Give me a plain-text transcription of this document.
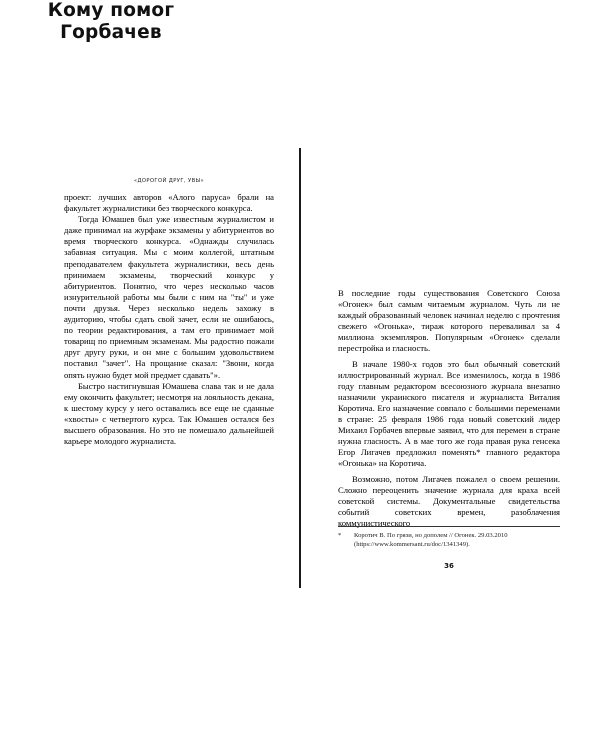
«ДОРОГОЙ ДРУГ, УВЫ»

проект: лучших авторов «Алого паруса» брали на факультет журналистики без творческого конкурса.

Тогда Юмашев был уже известным журналистом и даже принимал на журфаке экзамены у абитуриентов во время творческого конкурса. «Однажды случилась забавная ситуация. Мы с моим коллегой, штатным преподавателем факультета журналистики, весь день принимаем экзамены, творческий конкурс у абитуриентов. Понятно, что через несколько часов изнурительной работы мы были с ним на "ты" и уже почти друзья. Через несколько недель захожу в аудиторию, чтобы сдать свой зачет, если не ошибаюсь, по теории редактирования, а там его принимает мой товарищ по приемным экзаменам. Мы радостно пожали друг другу руки, и он мне с большим удовольствием поставил "зачет". На прощание сказал: "Звони, когда опять нужно будет мой предмет сдавать"».

Быстро настигнувшая Юмашева слава так и не дала ему окончить факультет; несмотря на лояльность декана, к шестому курсу у него оставались все еще не сданные «хвосты» с четвертого курса. Так Юмашев остался без высшего образования. Но это не помешало дальнейшей карьере молодого журналиста.

Кому помог Горбачев

В последние годы существования Советского Союза «Огонек» был самым читаемым журналом. Чуть ли не каждый образованный человек начинал неделю с прочтения свежего «Огонька», тираж которого переваливал за 4 миллиона экземпляров. Популярным «Огонек» сделали перестройка и гласность.

В начале 1980-х годов это был обычный советский иллюстрированный журнал. Все изменилось, когда в 1986 году главным редактором всесоюзного журнала внезапно назначили украинского писателя и журналиста Виталия Коротича. Его назначение совпало с большими переменами в стране: 25 февраля 1986 года новый советский лидер Михаил Горбачев впервые заявил, что для перемен в стране нужна гласность. А в мае того же года правая рука генсека Егор Лигачев предложил поменять* главного редактора «Огонька» на Коротича.

Возможно, потом Лигачев пожалел о своем решении. Сложно переоценить значение журнала для краха всей советской системы. Документальные свидетельства событий советских времен, разоблачения коммунистического

*	Коротич В. По грязи, но дополем // Огонек. 29.03.2010 (https://www.kommersant.ru/doc/1341349).
36
